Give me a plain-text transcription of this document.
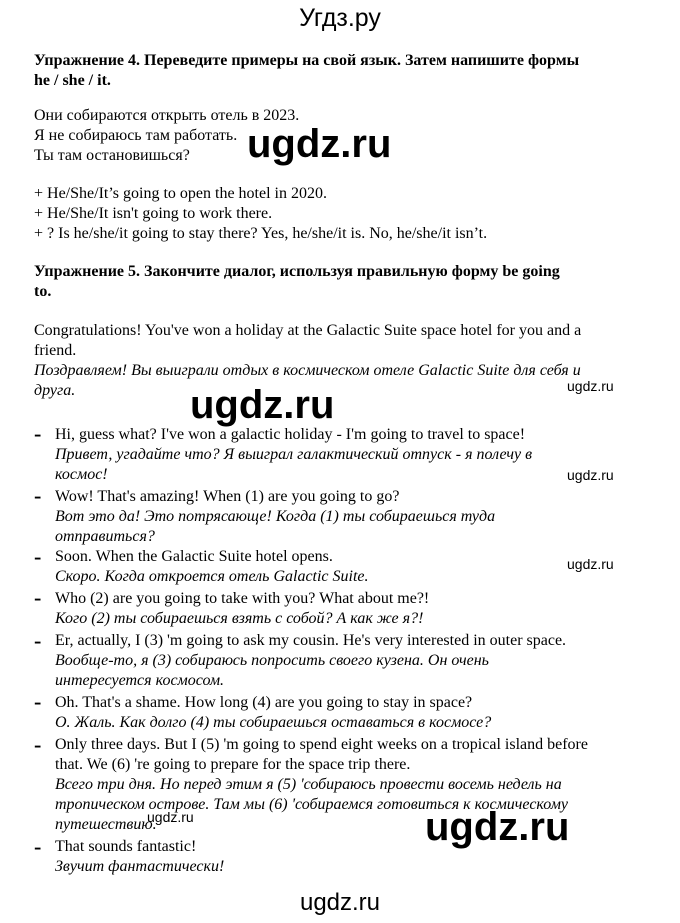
Угдз.ру
Упражнение 4. Переведите примеры на свой язык. Затем напишите формы
he / she / it.
Они собираются открыть отель в 2023.
Я не собираюсь там работать.
Ты там остановишься?
+ He/She/It’s going to open the hotel in 2020.
+ He/She/It isn't going to work there.
+ ? Is he/she/it going to stay there? Yes, he/she/it is. No, he/she/it isn’t.
ugdz.ru
Упражнение 5. Закончите диалог, используя правильную форму be going
to.
Congratulations! You've won a holiday at the Galactic Suite space hotel for you and a
friend.
Поздравляем! Вы выиграли отдых в космическом отеле Galactic Suite для себя и
друга.	ugdz.ru
ugdz.ru
- Hi, guess what? I've won a galactic holiday - I'm going to travel to space!
Привет, угадайте что? Я выиграл галактический отпуск - я полечу в
космос!	ugdz.ru
- Wow! That's amazing! When (1) are you going to go?
Вот это да! Это потрясающе! Когда (1) ты собираешься туда
отправиться?
- Soon. When the Galactic Suite hotel opens.
Скоро. Когда откроется отель Galactic Suite.
ugdz.ru
- Who (2) are you going to take with you? What about me?!
Кого (2) ты собираешься взять с собой? А как же я?!
- Er, actually, I (3) 'm going to ask my cousin. He's very interested in outer space.
Вообще-то, я (3) собираюсь попросить своего кузена. Он очень
интересуется космосом.
- Oh. That's a shame. How long (4) are you going to stay in space?
О. Жаль. Как долго (4) ты собираешься оставаться в космосе?
- Only three days. But I (5) 'm going to spend eight weeks on a tropical island before
that. We (6) 're going to prepare for the space trip there.
Всего три дня. Но перед этим я (5) 'собираюсь провести восемь недель на
тропическом острове. Там мы (6) 'собираемся готовиться к космическому
путешествию.
ugdz.ru	ugdz.ru
- That sounds fantastic!
Звучит фантастически!
ugdz.ru
